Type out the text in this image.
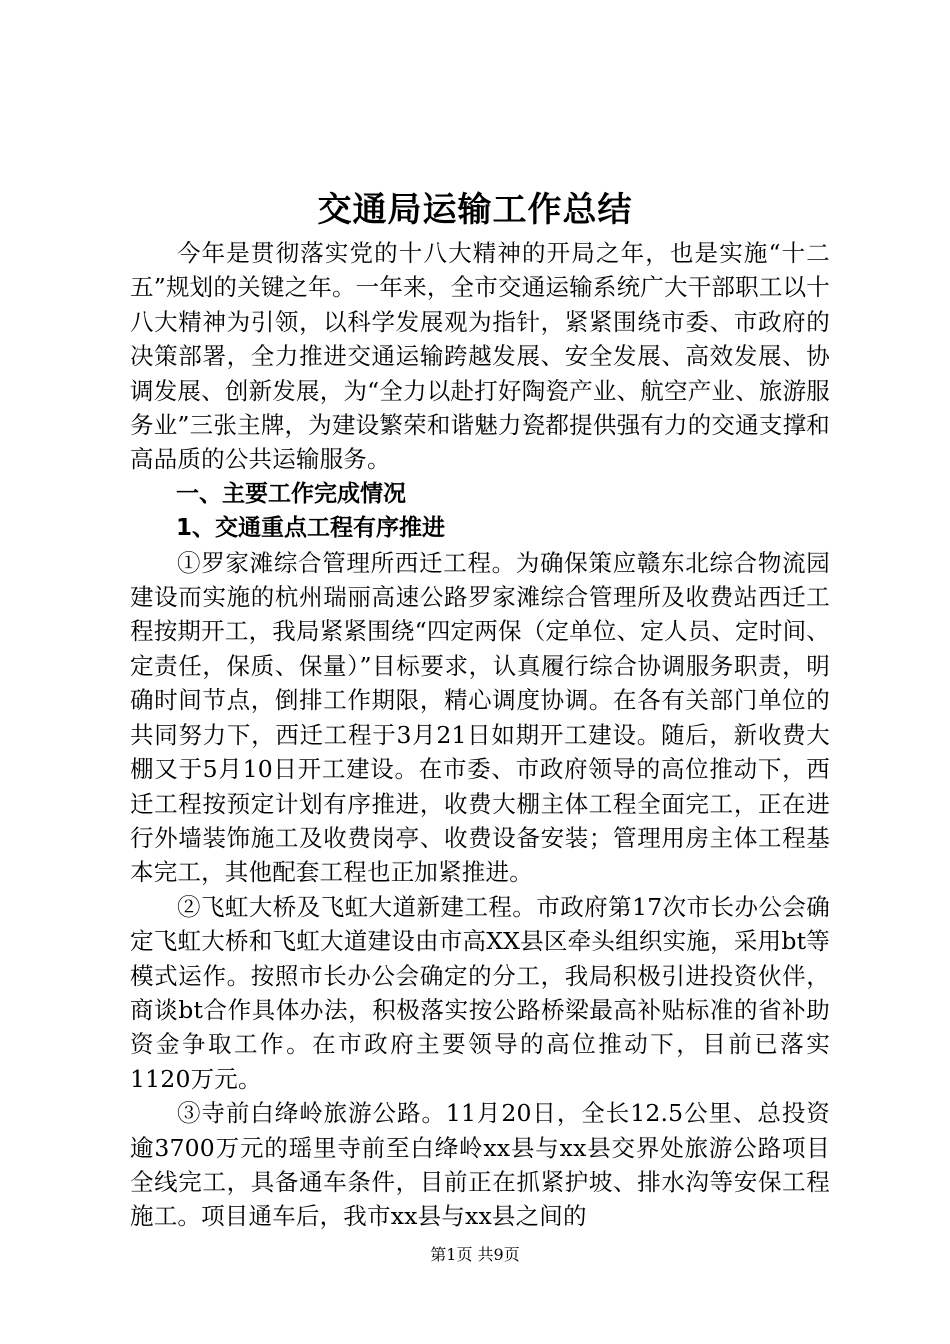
交通局运输工作总结

今年是贯彻落实党的十八大精神的开局之年，也是实施“十二五”规划的关键之年。一年来，全市交通运输系统广大干部职工以十八大精神为引领，以科学发展观为指针，紧紧围绕市委、市政府的决策部署，全力推进交通运输跨越发展、安全发展、高效发展、协调发展、创新发展，为“全力以赴打好陶瓷产业、航空产业、旅游服务业”三张主牌，为建设繁荣和谐魅力瓷都提供强有力的交通支撑和高品质的公共运输服务。

一、主要工作完成情况

1、交通重点工程有序推进

①罗家滩综合管理所西迁工程。为确保策应赣东北综合物流园建设而实施的杭州瑞丽高速公路罗家滩综合管理所及收费站西迁工程按期开工，我局紧紧围绕“四定两保（定单位、定人员、定时间、定责任，保质、保量）”目标要求，认真履行综合协调服务职责，明确时间节点，倒排工作期限，精心调度协调。在各有关部门单位的共同努力下，西迁工程于3月21日如期开工建设。随后，新收费大棚又于5月10日开工建设。在市委、市政府领导的高位推动下，西迁工程按预定计划有序推进，收费大棚主体工程全面完工，正在进行外墙装饰施工及收费岗亭、收费设备安装；管理用房主体工程基本完工，其他配套工程也正加紧推进。

②飞虹大桥及飞虹大道新建工程。市政府第17次市长办公会确定飞虹大桥和飞虹大道建设由市高XX县区牵头组织实施，采用bt等模式运作。按照市长办公会确定的分工，我局积极引进投资伙伴，商谈bt合作具体办法，积极落实按公路桥梁最高补贴标准的省补助资金争取工作。在市政府主要领导的高位推动下，目前已落实1120万元。

③寺前白绛岭旅游公路。11月20日，全长12.5公里、总投资逾3700万元的瑶里寺前至白绛岭xx县与xx县交界处旅游公路项目全线完工，具备通车条件，目前正在抓紧护坡、排水沟等安保工程施工。项目通车后，我市xx县与xx县之间的

第1页 共9页
